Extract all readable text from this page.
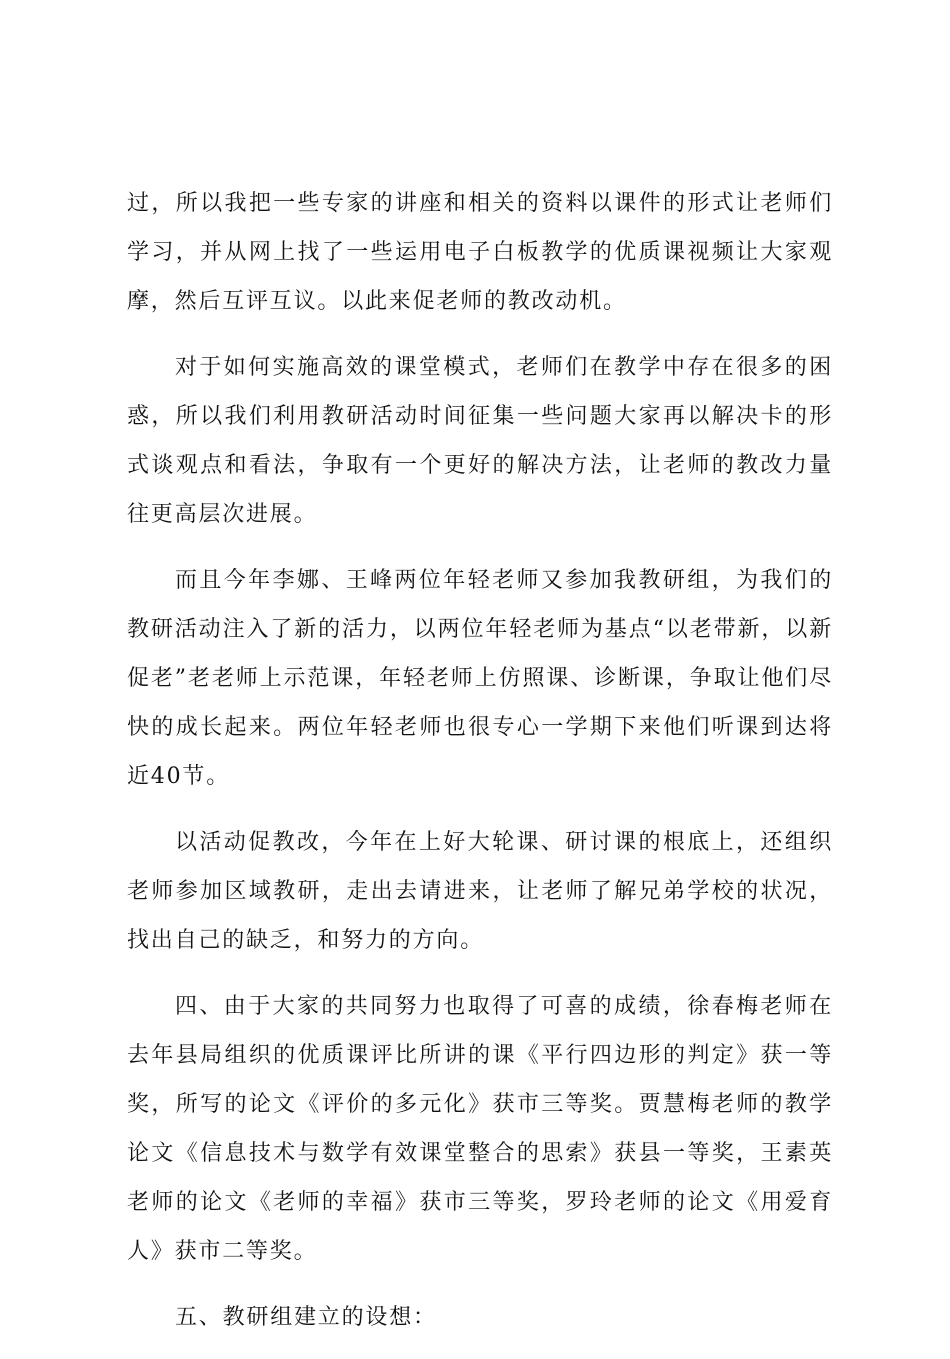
过，所以我把一些专家的讲座和相关的资料以课件的形式让老师们学习，并从网上找了一些运用电子白板教学的优质课视频让大家观摩，然后互评互议。以此来促老师的教改动机。

对于如何实施高效的课堂模式，老师们在教学中存在很多的困惑，所以我们利用教研活动时间征集一些问题大家再以解决卡的形式谈观点和看法，争取有一个更好的解决方法，让老师的教改力量往更高层次进展。

而且今年李娜、王峰两位年轻老师又参加我教研组，为我们的教研活动注入了新的活力，以两位年轻老师为基点“以老带新，以新促老”老老师上示范课，年轻老师上仿照课、诊断课，争取让他们尽快的成长起来。两位年轻老师也很专心一学期下来他们听课到达将近40节。

以活动促教改，今年在上好大轮课、研讨课的根底上，还组织老师参加区域教研，走出去请进来，让老师了解兄弟学校的状况，找出自己的缺乏，和努力的方向。

四、由于大家的共同努力也取得了可喜的成绩，徐春梅老师在去年县局组织的优质课评比所讲的课《平行四边形的判定》获一等奖，所写的论文《评价的多元化》获市三等奖。贾慧梅老师的教学论文《信息技术与数学有效课堂整合的思索》获县一等奖，王素英老师的论文《老师的幸福》获市三等奖，罗玲老师的论文《用爱育人》获市二等奖。

五、教研组建立的设想：
